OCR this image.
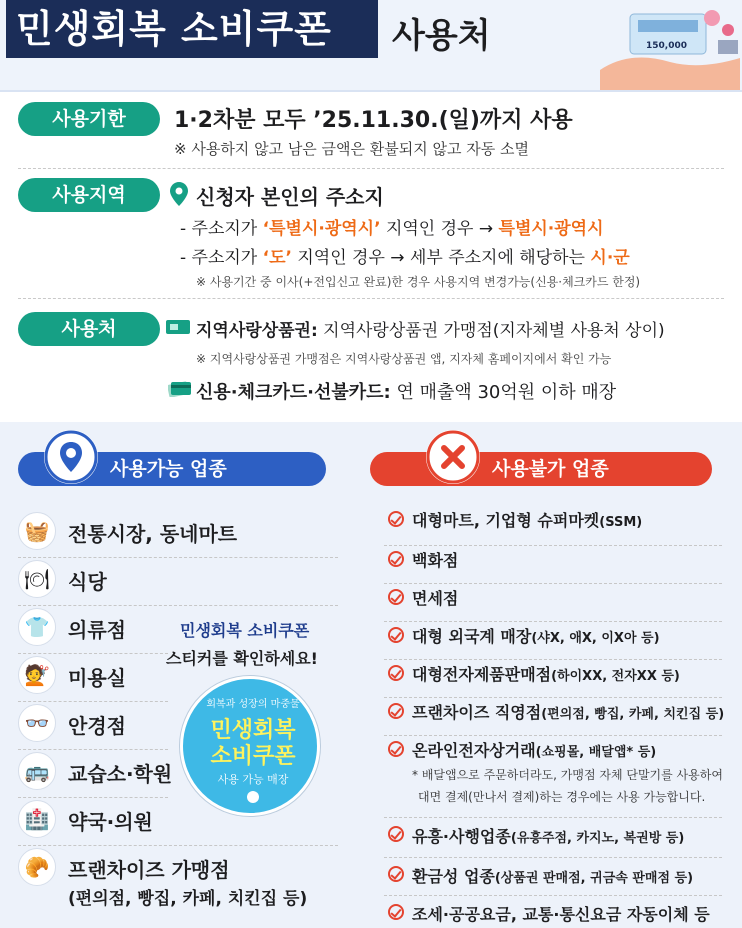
민생회복 소비쿠폰	사용처	150,000
사용기한	1·2차분 모두 ’25.11.30.(일)까지 사용
※ 사용하지 않고 남은 금액은 환불되지 않고 자동 소멸
사용지역	신청자 본인의 주소지
- 주소지가 ‘특별시·광역시’ 지역인 경우 → 특별시·광역시
- 주소지가 ‘도’ 지역인 경우 → 세부 주소지에 해당하는 시·군
※ 사용기간 중 이사(+전입신고 완료)한 경우 사용지역 변경가능(신용·체크카드 한정)
사용처	지역사랑상품권: 지역사랑상품권 가맹점(지자체별 사용처 상이)
※ 지역사랑상품권 가맹점은 지역사랑상품권 앱, 지자체 홈페이지에서 확인 가능
신용·체크카드·선불카드: 연 매출액 30억원 이하 매장
사용가능 업종	사용불가 업종
🧺 전통시장, 동네마트
🍽 식당
👕 의류점
💇 미용실
👓 안경점
🚌 교습소·학원
🏥 약국·의원
🥐 프랜차이즈 가맹점
(편의점, 빵집, 카페, 치킨집 등)
민생회복 소비쿠폰
스티커를 확인하세요!
회복과 성장의 마중물
민생회복
소비쿠폰
사용 가능 매장
대형마트, 기업형 슈퍼마켓(SSM)
백화점
면세점
대형 외국계 매장(샤X, 애X, 이X아 등)
대형전자제품판매점(하이XX, 전자XX 등)
프랜차이즈 직영점(편의점, 빵집, 카페, 치킨집 등)
온라인전자상거래(쇼핑몰, 배달앱* 등)
* 배달앱으로 주문하더라도, 가맹점 자체 단말기를 사용하여
대면 결제(만나서 결제)하는 경우에는 사용 가능합니다.
유흥·사행업종(유흥주점, 카지노, 복권방 등)
환금성 업종(상품권 판매점, 귀금속 판매점 등)
조세·공공요금, 교통·통신요금 자동이체 등
